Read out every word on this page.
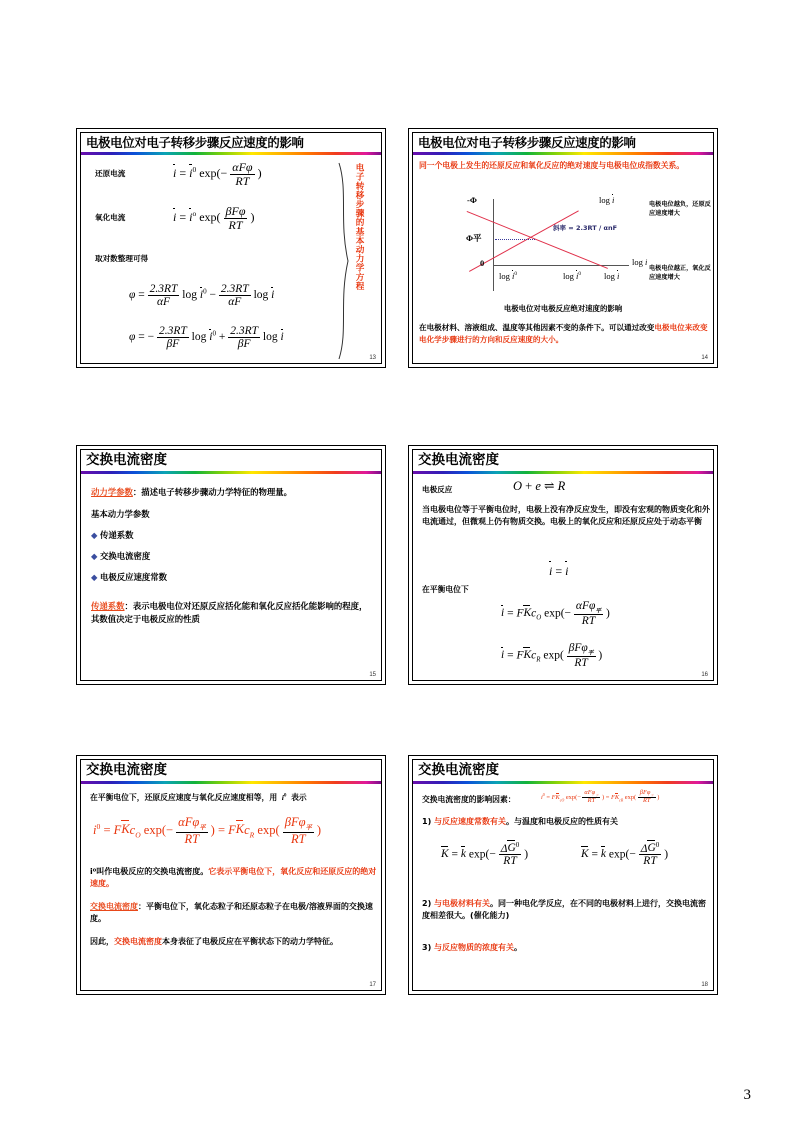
电极电位对电子转移步骤反应速度的影响
还原电流	$i = i^0$ $\exp(- \frac{\text{αFφ}}{RT}$ )
氧化电流	$i = i^o$ $\exp( \frac{\text{βFφ}}{RT}$ )
取对数整理可得
$\varphi = \frac{2.3RT}{\alpha F}$ $\log i^0 - \frac{2.3RT}{\alpha F}$ log i
φ = − $\frac{2.3RT}{\beta F}$ $\log i^0 + \frac{2.3RT}{\beta F}$ log i
电子转移步骤的基本动力学方程
13
电极电位对电子转移步骤反应速度的影响
同一个电极上发生的还原反应和氧化反应的绝对速度与电极电位成指数关系。
-Φ
Φ平
0
log i
log i
log i
$\log i^0$	$\log i^0$
斜率 = 2.3RT / αnF
电极电位越负，还原反应速度增大
电极电位越正，氧化反应速度增大
电极电位对电极反应绝对速度的影响
在电极材料、溶液组成、温度等其他因素不变的条件下。可以通过改变电极电位来改变电化学步骤进行的方向和反应速度的大小。
14
交换电流密度
动力学参数：描述电子转移步骤动力学特征的物理量。
基本动力学参数
◆ 传递系数
◆ 交换电流密度
◆ 电极反应速度常数
传递系数：表示电极电位对还原反应括化能和氧化反应括化能影响的程度，其数值决定于电极反应的性质
15
交换电流密度
电极反应	O + e ⇌ R
当电极电位等于平衡电位时，电极上没有净反应发生，即没有宏观的物质变化和外电流通过，但微观上仍有物质交换。电极上的氧化反应和还原反应处于动态平衡
i = i
在平衡电位下
i = FKc$_O$ $\exp(- \frac{\alpha F\varphi_平}{RT}$ )
i = FKc$_R$ $\exp( \frac{\beta F\varphi_平}{RT}$ )
16
交换电流密度
在平衡电位下，还原反应速度与氧化反应速度相等，用 $i^0$ 表示
$i^0 = FKc_O$ $\exp(- \frac{\alpha F\varphi_平}{RT}$ ) = FKc$_R$ $\exp( \frac{\beta F\varphi_平}{RT}$ )
i⁰叫作电极反应的交换电流密度。它表示平衡电位下，氧化反应和还原反应的绝对速度。
交换电流密度：平衡电位下，氧化态粒子和还原态粒子在电极/溶液界面的交换速度。
因此，交换电流密度本身表征了电极反应在平衡状态下的动力学特征。
17
交换电流密度
交换电流密度的影响因素：	$i^0 = FK_{cO}$ $\exp(- \frac{\alpha F\varphi_平}{RT}$ ) = $FK_{cR}$ $\exp( \frac{\beta F\varphi_平}{RT}$ )
1) 与反应速度常数有关。与温度和电极反应的性质有关
K = k $\exp(- \frac{\Delta G^0}{RT}$ )	K = k $\exp(- \frac{\Delta G^0}{RT}$ )
2) 与电极材料有关。同一种电化学反应，在不同的电极材料上进行，交换电流密度相差很大。(催化能力)
3) 与反应物质的浓度有关。
18
3
